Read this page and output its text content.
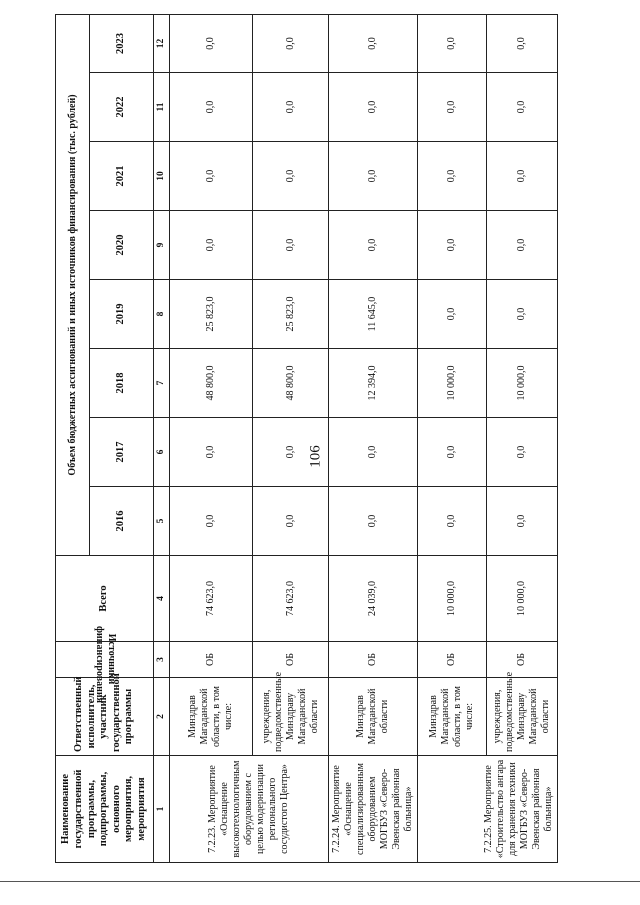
106
Наименование государственной программы, подпрограммы, основного мероприятия, мероприятия	Ответственный исполнитель, участник государственной программы	Источники финансирования	Всего	Объем бюджетных ассигнований и иных источников финансирования (тыс. рублей)							
				2016	2017	2018	2019	2020	2021	2022	2023
1	2	3	4	5	6	7	8	9	10	11	12
7.2.23. Мероприятие «Оснащение высокотехнологичным оборудованием с целью модернизации регионального сосудистого Центра»	Минздрав Магаданской области, в том числе:	ОБ	74 623,0	0,0	0,0	48 800,0	25 823,0	0,0	0,0	0,0	0,0
	учреждения, подведомственные Минздраву Магаданской области	ОБ	74 623,0	0,0	0,0	48 800,0	25 823,0	0,0	0,0	0,0	0,0
7.2.24. Мероприятие «Оснащение специализированным оборудованием МОГБУЗ «Северо-Эвенская районная больница»	Минздрав Магаданской области	ОБ	24 039,0	0,0	0,0	12 394,0	11 645,0	0,0	0,0	0,0	0,0
7.2.25. Мероприятие «Строительство ангара для хранения техники МОГБУЗ «Северо-Эвенская районная больница»	Минздрав Магаданской области, в том числе:	ОБ	10 000,0	0,0	0,0	10 000,0	0,0	0,0	0,0	0,0	0,0
	учреждения, подведомственные Минздраву Магаданской области	ОБ	10 000,0	0,0	0,0	10 000,0	0,0	0,0	0,0	0,0	0,0
